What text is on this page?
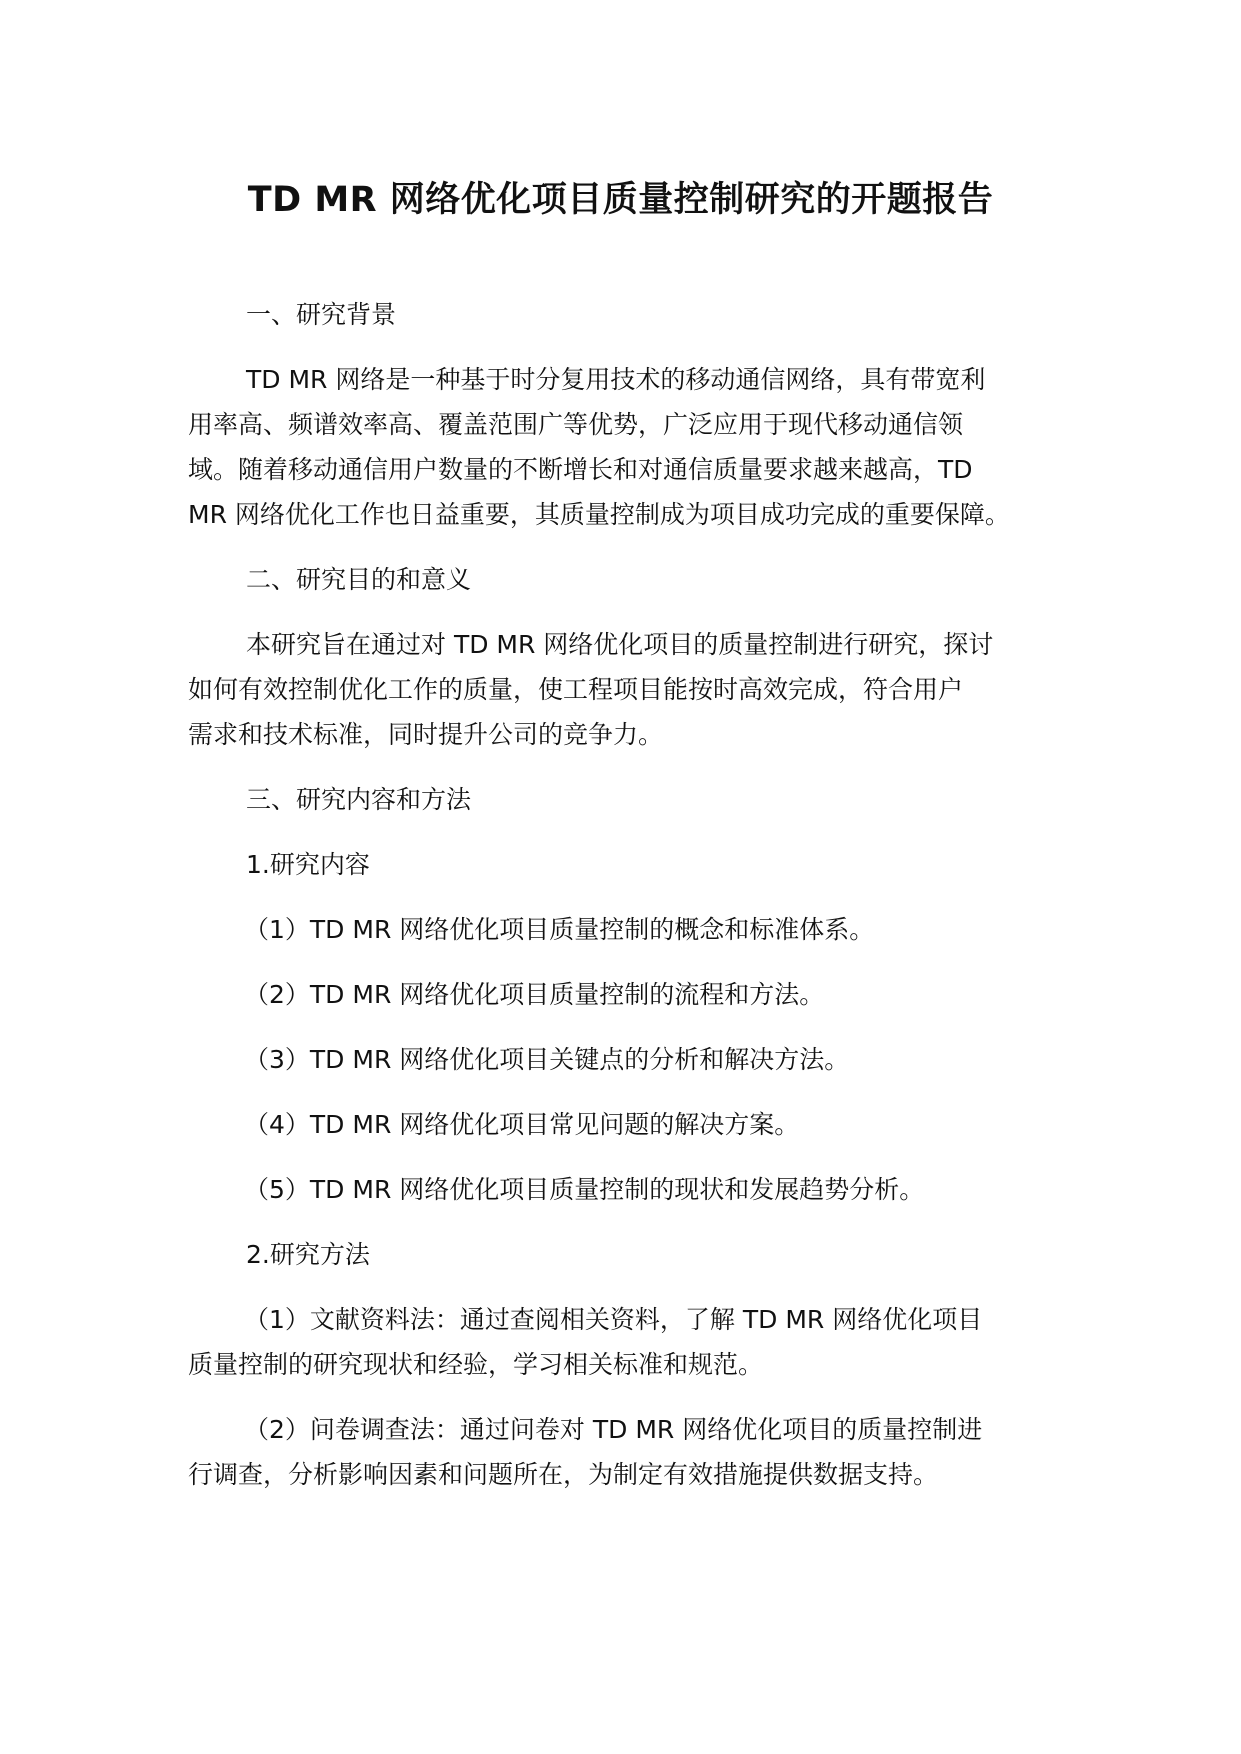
TD MR 网络优化项目质量控制研究的开题报告

一、研究背景

TD MR 网络是一种基于时分复用技术的移动通信网络，具有带宽利

用率高、频谱效率高、覆盖范围广等优势，广泛应用于现代移动通信领

域。随着移动通信用户数量的不断增长和对通信质量要求越来越高，TD

MR 网络优化工作也日益重要，其质量控制成为项目成功完成的重要保障。

二、研究目的和意义

本研究旨在通过对 TD MR 网络优化项目的质量控制进行研究，探讨

如何有效控制优化工作的质量，使工程项目能按时高效完成，符合用户

需求和技术标准，同时提升公司的竞争力。

三、研究内容和方法

1.研究内容

（1）TD MR 网络优化项目质量控制的概念和标准体系。

（2）TD MR 网络优化项目质量控制的流程和方法。

（3）TD MR 网络优化项目关键点的分析和解决方法。

（4）TD MR 网络优化项目常见问题的解决方案。

（5）TD MR 网络优化项目质量控制的现状和发展趋势分析。

2.研究方法

（1）文献资料法：通过查阅相关资料，了解 TD MR 网络优化项目

质量控制的研究现状和经验，学习相关标准和规范。

（2）问卷调查法：通过问卷对 TD MR 网络优化项目的质量控制进

行调查，分析影响因素和问题所在，为制定有效措施提供数据支持。
